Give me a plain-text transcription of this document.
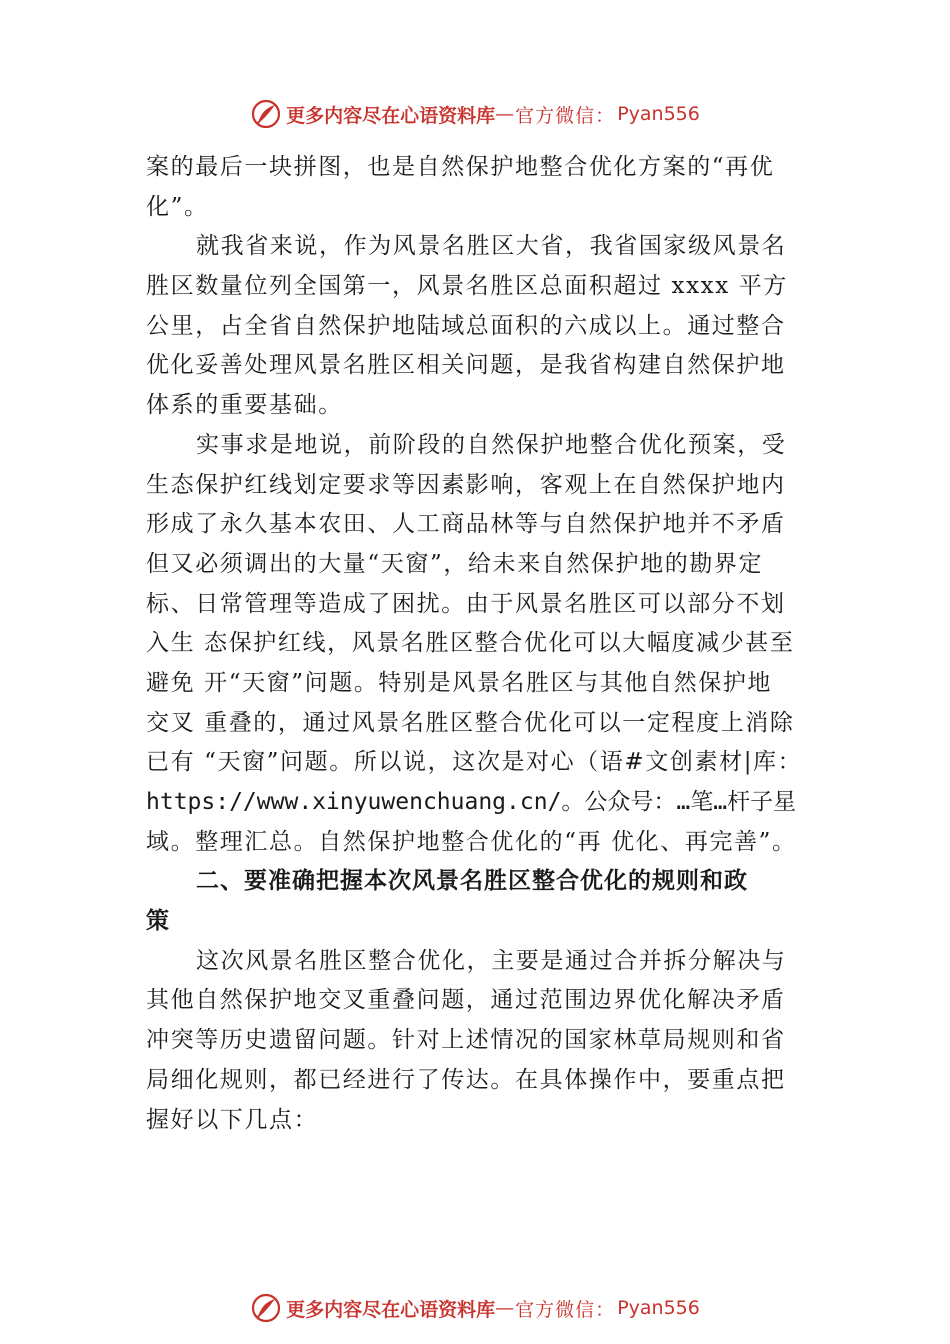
更多内容尽在心语资料库 — 官方微信： Pyan556
案的最后一块拼图，也是自然保护地整合优化方案的“再优
化”。
就我省来说，作为风景名胜区大省，我省国家级风景名
胜区数量位列全国第一，风景名胜区总面积超过 xxxx 平方
公里，占全省自然保护地陆域总面积的六成以上。通过整合
优化妥善处理风景名胜区相关问题，是我省构建自然保护地
体系的重要基础。
实事求是地说，前阶段的自然保护地整合优化预案，受
生态保护红线划定要求等因素影响，客观上在自然保护地内
形成了永久基本农田、人工商品林等与自然保护地并不矛盾
但又必须调出的大量“天窗”，给未来自然保护地的勘界定
标、日常管理等造成了困扰。由于风景名胜区可以部分不划
入生 态保护红线，风景名胜区整合优化可以大幅度减少甚至
避免 开“天窗”问题。特别是风景名胜区与其他自然保护地
交叉 重叠的，通过风景名胜区整合优化可以一定程度上消除
已有 “天窗”问题。所以说，这次是对心（语#文创素材|库：
https://www.xinyuwenchuang.cn/。公众号：…笔…杆子星
域。整理汇总。自然保护地整合优化的“再 优化、再完善”。
二、要准确把握本次风景名胜区整合优化的规则和政
策
这次风景名胜区整合优化，主要是通过合并拆分解决与
其他自然保护地交叉重叠问题，通过范围边界优化解决矛盾
冲突等历史遗留问题。针对上述情况的国家林草局规则和省
局细化规则，都已经进行了传达。在具体操作中，要重点把
握好以下几点：
更多内容尽在心语资料库 — 官方微信： Pyan556
